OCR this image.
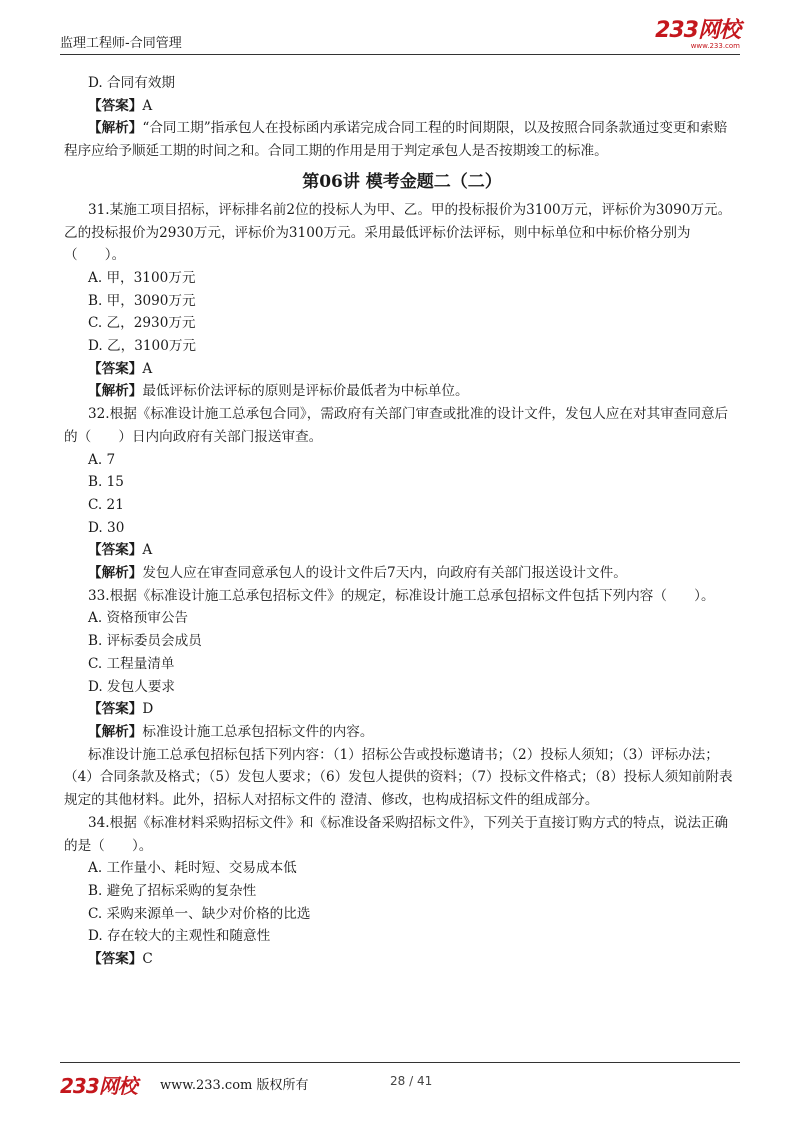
监理工程师-合同管理
233网校
www.233.com

D. 合同有效期

【答案】A

【解析】“合同工期”指承包人在投标函内承诺完成合同工程的时间期限，以及按照合同条款通过变更和索赔程序应给予顺延工期的时间之和。合同工期的作用是用于判定承包人是否按期竣工的标准。

第06讲 模考金题二（二）

31.某施工项目招标，评标排名前2位的投标人为甲、乙。甲的投标报价为3100万元，评标价为3090万元。乙的投标报价为2930万元，评标价为3100万元。采用最低评标价法评标，则中标单位和中标价格分别为（　　）。

A. 甲，3100万元

B. 甲，3090万元

C. 乙，2930万元

D. 乙，3100万元

【答案】A

【解析】最低评标价法评标的原则是评标价最低者为中标单位。

32.根据《标准设计施工总承包合同》，需政府有关部门审查或批准的设计文件，发包人应在对其审查同意后的（　　）日内向政府有关部门报送审查。

A. 7

B. 15

C. 21

D. 30

【答案】A

【解析】发包人应在审查同意承包人的设计文件后7天内，向政府有关部门报送设计文件。

33.根据《标准设计施工总承包招标文件》的规定，标准设计施工总承包招标文件包括下列内容（　　）。

A. 资格预审公告

B. 评标委员会成员

C. 工程量清单

D. 发包人要求

【答案】D

【解析】标准设计施工总承包招标文件的内容。

标准设计施工总承包招标包括下列内容：（1）招标公告或投标邀请书；（2）投标人须知；（3）评标办法；（4）合同条款及格式；（5）发包人要求；（6）发包人提供的资料；（7）投标文件格式；（8）投标人须知前附表规定的其他材料。此外，招标人对招标文件的 澄清、修改，也构成招标文件的组成部分。

34.根据《标准材料采购招标文件》和《标准设备采购招标文件》，下列关于直接订购方式的特点，说法正确的是（　　）。

A. 工作量小、耗时短、交易成本低

B. 避免了招标采购的复杂性

C. 采购来源单一、缺少对价格的比选

D. 存在较大的主观性和随意性

【答案】C

233网校 www.233.com 版权所有	28 / 41
